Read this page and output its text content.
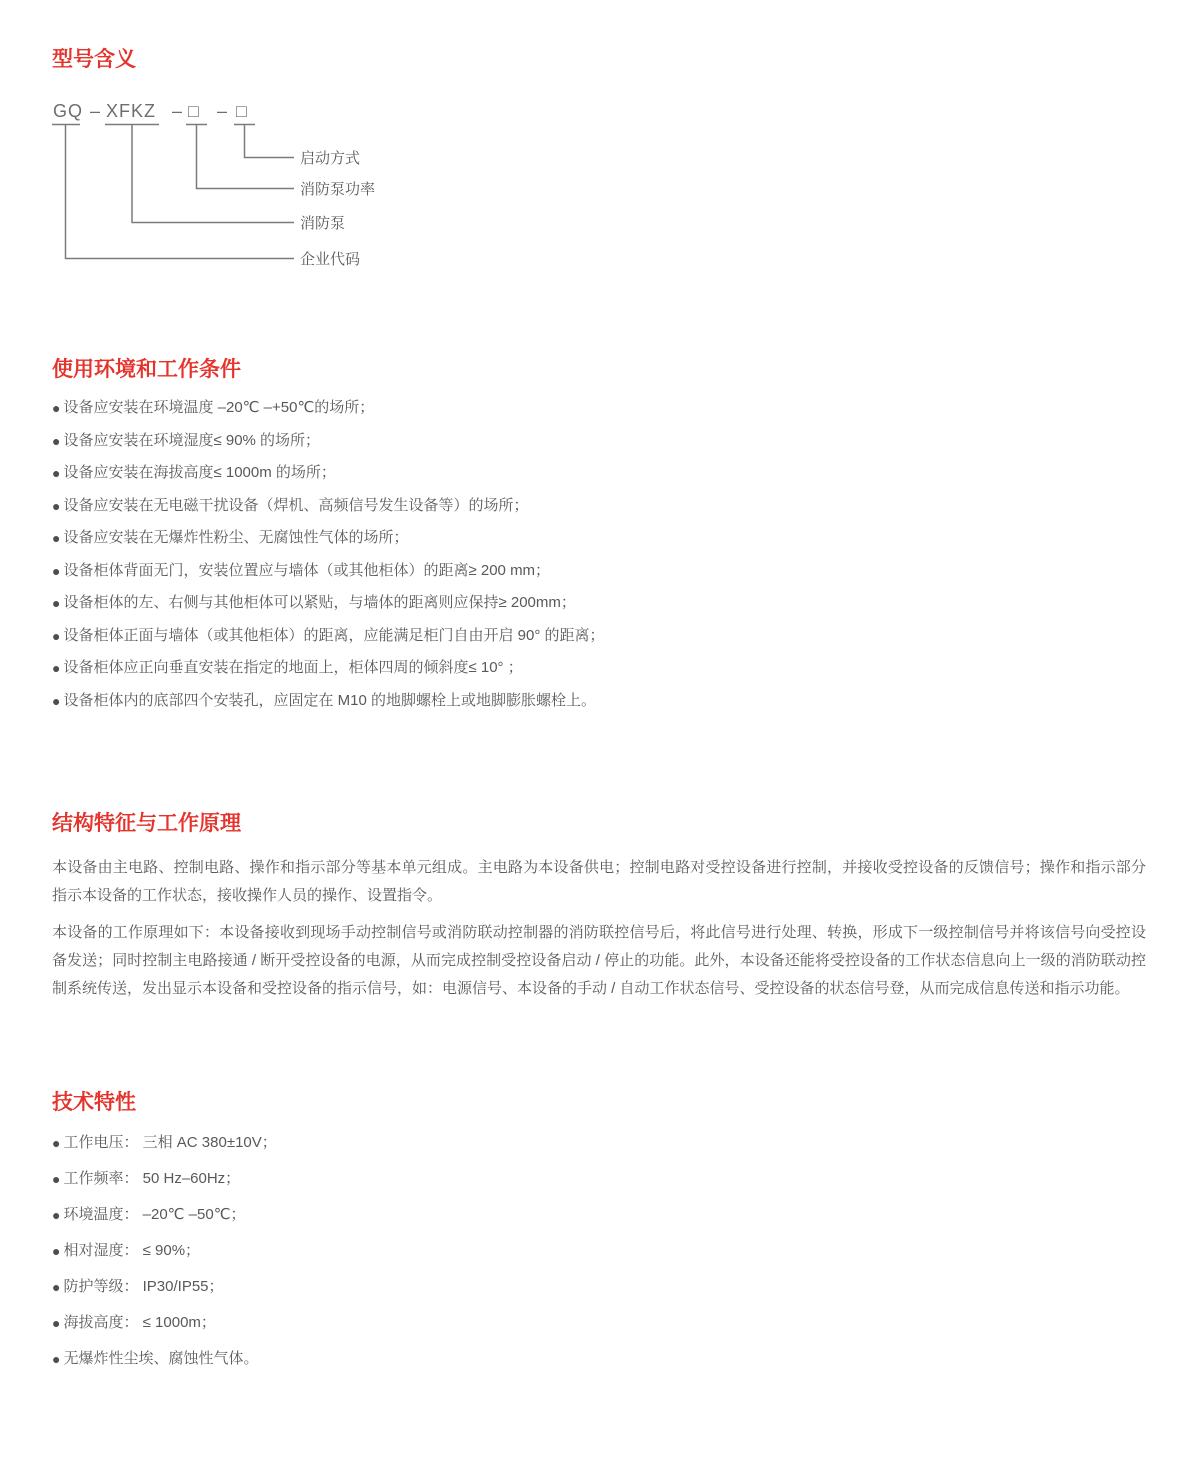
型号含义
GQ – XFKZ – □ – □
启动方式
消防泵功率
消防泵
企业代码
使用环境和工作条件
● 设备应安装在环境温度 –20℃ –+50℃的场所；
● 设备应安装在环境湿度≤ 90% 的场所；
● 设备应安装在海拔高度≤ 1000m 的场所；
● 设备应安装在无电磁干扰设备（焊机、高频信号发生设备等）的场所；
● 设备应安装在无爆炸性粉尘、无腐蚀性气体的场所；
● 设备柜体背面无门，安装位置应与墙体（或其他柜体）的距离≥ 200 mm；
● 设备柜体的左、右侧与其他柜体可以紧贴，与墙体的距离则应保持≥ 200mm；
● 设备柜体正面与墙体（或其他柜体）的距离，应能满足柜门自由开启 90° 的距离；
● 设备柜体应正向垂直安装在指定的地面上，柜体四周的倾斜度≤ 10° ；
● 设备柜体内的底部四个安装孔，应固定在 M10 的地脚螺栓上或地脚膨胀螺栓上。
结构特征与工作原理

本设备由主电路、控制电路、操作和指示部分等基本单元组成。主电路为本设备供电；控制电路对受控设备进行控制，并接收受控设备的反馈信号；操作和指示部分指示本设备的工作状态，接收操作人员的操作、设置指令。

本设备的工作原理如下：本设备接收到现场手动控制信号或消防联动控制器的消防联控信号后，将此信号进行处理、转换，形成下一级控制信号并将该信号向受控设备发送；同时控制主电路接通 / 断开受控设备的电源，从而完成控制受控设备启动 / 停止的功能。此外，本设备还能将受控设备的工作状态信息向上一级的消防联动控制系统传送，发出显示本设备和受控设备的指示信号，如：电源信号、本设备的手动 / 自动工作状态信号、受控设备的状态信号登，从而完成信息传送和指示功能。

技术特性
● 工作电压： 三相 AC 380±10V；
● 工作频率： 50 Hz–60Hz；
● 环境温度： –20℃ –50℃；
● 相对湿度： ≤ 90%；
● 防护等级： IP30/IP55；
● 海拔高度： ≤ 1000m；
● 无爆炸性尘埃、腐蚀性气体。
